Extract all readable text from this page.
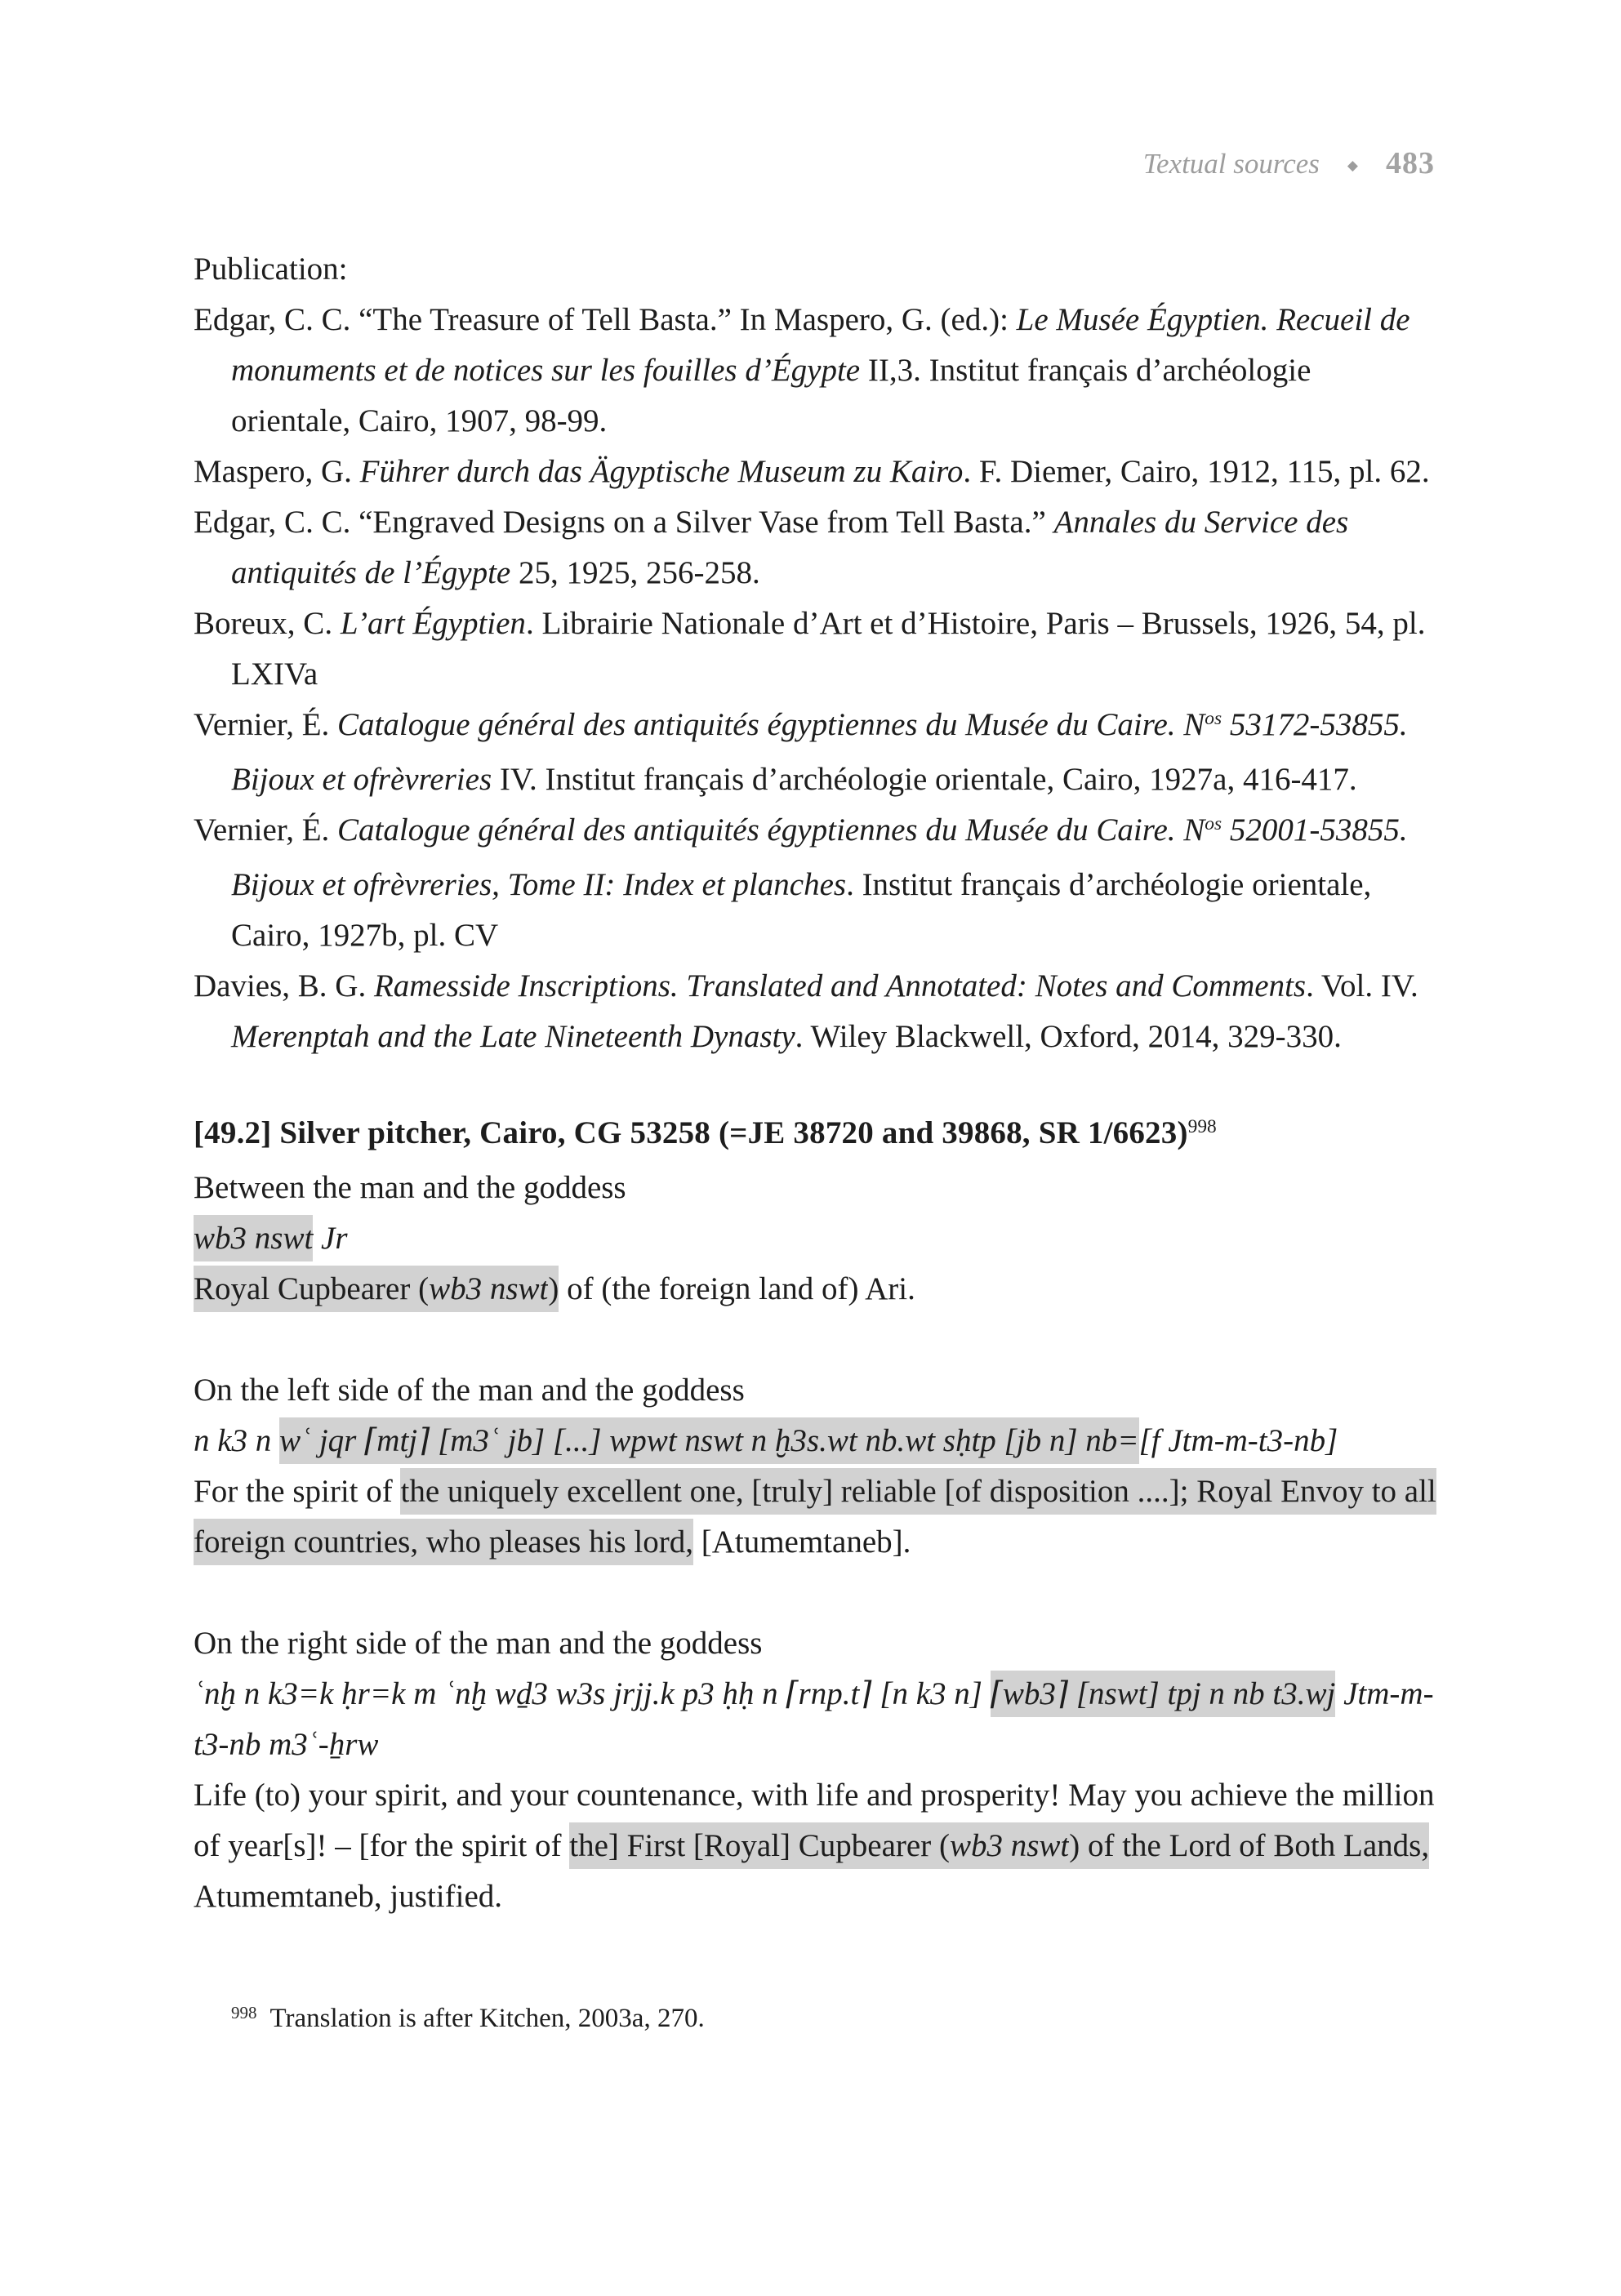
Textual sources ◆ 483

Publication:

Edgar, C. C. “The Treasure of Tell Basta.” In Maspero, G. (ed.): Le Musée Égyptien. Recueil de monuments et de notices sur les fouilles d’Égypte II,3. Institut français d’archéologie orientale, Cairo, 1907, 98-99.

Maspero, G. Führer durch das Ägyptische Museum zu Kairo. F. Diemer, Cairo, 1912, 115, pl. 62.

Edgar, C. C. “Engraved Designs on a Silver Vase from Tell Basta.” Annales du Service des antiquités de l’Égypte 25, 1925, 256-258.

Boreux, C. L’art Égyptien. Librairie Nationale d’Art et d’Histoire, Paris – Brussels, 1926, 54, pl. LXIVa

Vernier, É. Catalogue général des antiquités égyptiennes du Musée du Caire. $N^{os}$ 53172-53855. Bijoux et ofrèvreries IV. Institut français d’archéologie orientale, Cairo, 1927a, 416-417.

Vernier, É. Catalogue général des antiquités égyptiennes du Musée du Caire. $N^{os}$ 52001-53855. Bijoux et ofrèvreries, Tome II: Index et planches. Institut français d’archéologie orientale, Cairo, 1927b, pl. CV

Davies, B. G. Ramesside Inscriptions. Translated and Annotated: Notes and Comments. Vol. IV. Merenptah and the Late Nineteenth Dynasty. Wiley Blackwell, Oxford, 2014, 329-330.

[49.2] Silver pitcher, Cairo, CG 53258 (=JE 38720 and 39868, SR 1/6623)$^{998}$

Between the man and the goddess

wb3 nswt Jr

Royal Cupbearer (wb3 nswt) of (the foreign land of) Ari.

On the left side of the man and the goddess

n k3 n wʿ jqr ⌈mtj⌉ [m3ʿ jb] [...] wpwt nswt n ḫ3s.wt nb.wt sḥtp [jb n] nb=[f Jtm-m-t3-nb]

For the spirit of the uniquely excellent one, [truly] reliable [of disposition ....]; Royal Envoy to all foreign countries, who pleases his lord, [Atumemtaneb].

On the right side of the man and the goddess

ʿnḫ n k3=k ḥr=k m ʿnḫ wḏ3 w3s jrjj.k p3 ḥḥ n ⌈rnp.t⌉ [n k3 n] ⌈wb3⌉ [nswt] tpj n nb t3.wj Jtm-m-t3-nb m3ʿ-ẖrw

Life (to) your spirit, and your countenance, with life and prosperity! May you achieve the million of year[s]! – [for the spirit of the] First [Royal] Cupbearer (wb3 nswt) of the Lord of Both Lands, Atumemtaneb, justified.

$^{998}$ Translation is after Kitchen, 2003a, 270.
